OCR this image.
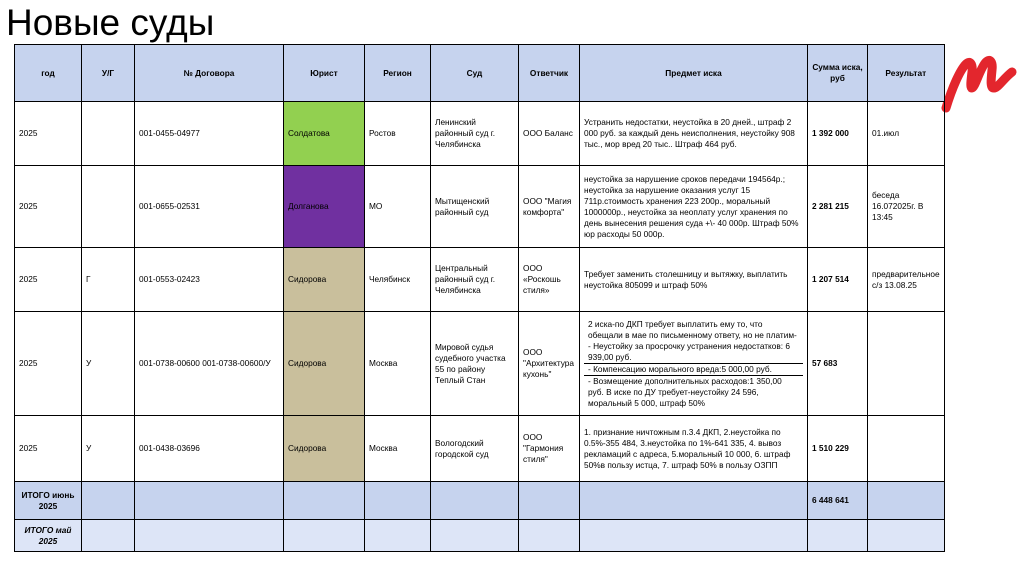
Новые суды
год	У/Г	№ Договора	Юрист	Регион	Суд	Ответчик	Предмет иска	Сумма иска, руб	Результат
2025		001-0455-04977	Солдатова	Ростов	Ленинский районный суд г. Челябинска	ООО Баланс	Устранить недостатки, неустойка в 20 дней., штраф 2 000 руб. за каждый день неисполнения, неустойку 908 тыс., мор вред 20 тыс.. Штраф 464 руб.	1 392 000	01.июл
2025		001-0655-02531	Долганова	МО	Мытищенский районный суд	ООО "Магия комфорта"	неустойка за нарушение сроков передачи 194564р.; неустойка за нарушение оказания услуг 15 711р.стоимость хранения 223 200р., моральный 1000000р., неустойка за неоплату услуг хранения по день вынесения решения суда +\- 40 000р. Штраф 50% юр расходы 50 000р.	2 281 215	беседа 16.072025г. В 13:45
2025	Г	001-0553-02423	Сидорова	Челябинск	Центральный районный суд г. Челябинска	ООО «Роскошь стиля»	Требует заменить столешницу и вытяжку, выплатить неустойка 805099 и штраф 50%	1 207 514	предварительное с/з 13.08.25
2025	У	001-0738-00600 001-0738-00600/У	Сидорова	Москва	Мировой судья судебного участка 55 по району Теплый Стан	ООО "Архитектура кухонь"	2 иска-по ДКП требует выплатить ему то, что обещали в мае по письменному ответу, но не платим-- Неустойку за просрочку устранения недостатков: 6 939,00 руб.
- Компенсацию морального вреда:5 000,00 руб.
- Возмещение дополнительных расходов:1 350,00 руб. В иске по ДУ требует-неустойку 24 596, моральный 5 000, штраф 50%	57 683	
2025	У	001-0438-03696	Сидорова	Москва	Вологодский городской суд	ООО "Гармония стиля"	1. признание ничтожным п.3.4 ДКП, 2.неустойка по 0.5%-355 484, 3.неустойка по 1%-641 335, 4. вывоз рекламаций с адреса, 5.моральный 10 000, 6. штраф 50%в пользу истца, 7. штраф 50% в пользу ОЗПП	1 510 229	
ИТОГО июнь 2025								6 448 641	
ИТОГО май 2025									
